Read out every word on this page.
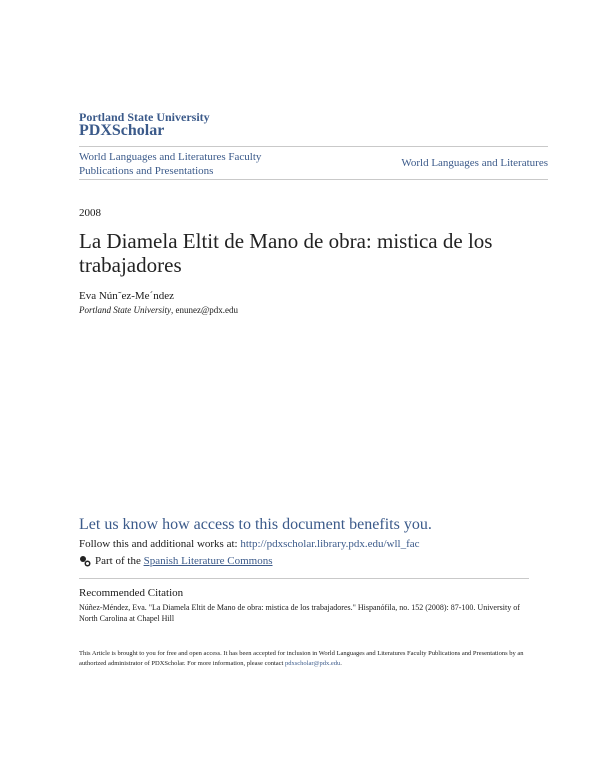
Portland State University
PDXScholar
World Languages and Literatures Faculty Publications and Presentations
World Languages and Literatures
2008
La Diamela Eltit de Mano de obra: mistica de los trabajadores
Eva Nún˜ez-Me´ndez
Portland State University, enunez@pdx.edu
Let us know how access to this document benefits you.
Follow this and additional works at: http://pdxscholar.library.pdx.edu/wll_fac
Part of the
Spanish Literature Commons
Recommended Citation
Núñez-Méndez, Eva. "La Diamela Eltit de Mano de obra: mistica de los trabajadores." Hispanófila, no. 152 (2008): 87-100. University of North Carolina at Chapel Hill
This Article is brought to you for free and open access. It has been accepted for inclusion in World Languages and Literatures Faculty Publications and Presentations by an authorized administrator of PDXScholar. For more information, please contact pdxscholar@pdx.edu.
